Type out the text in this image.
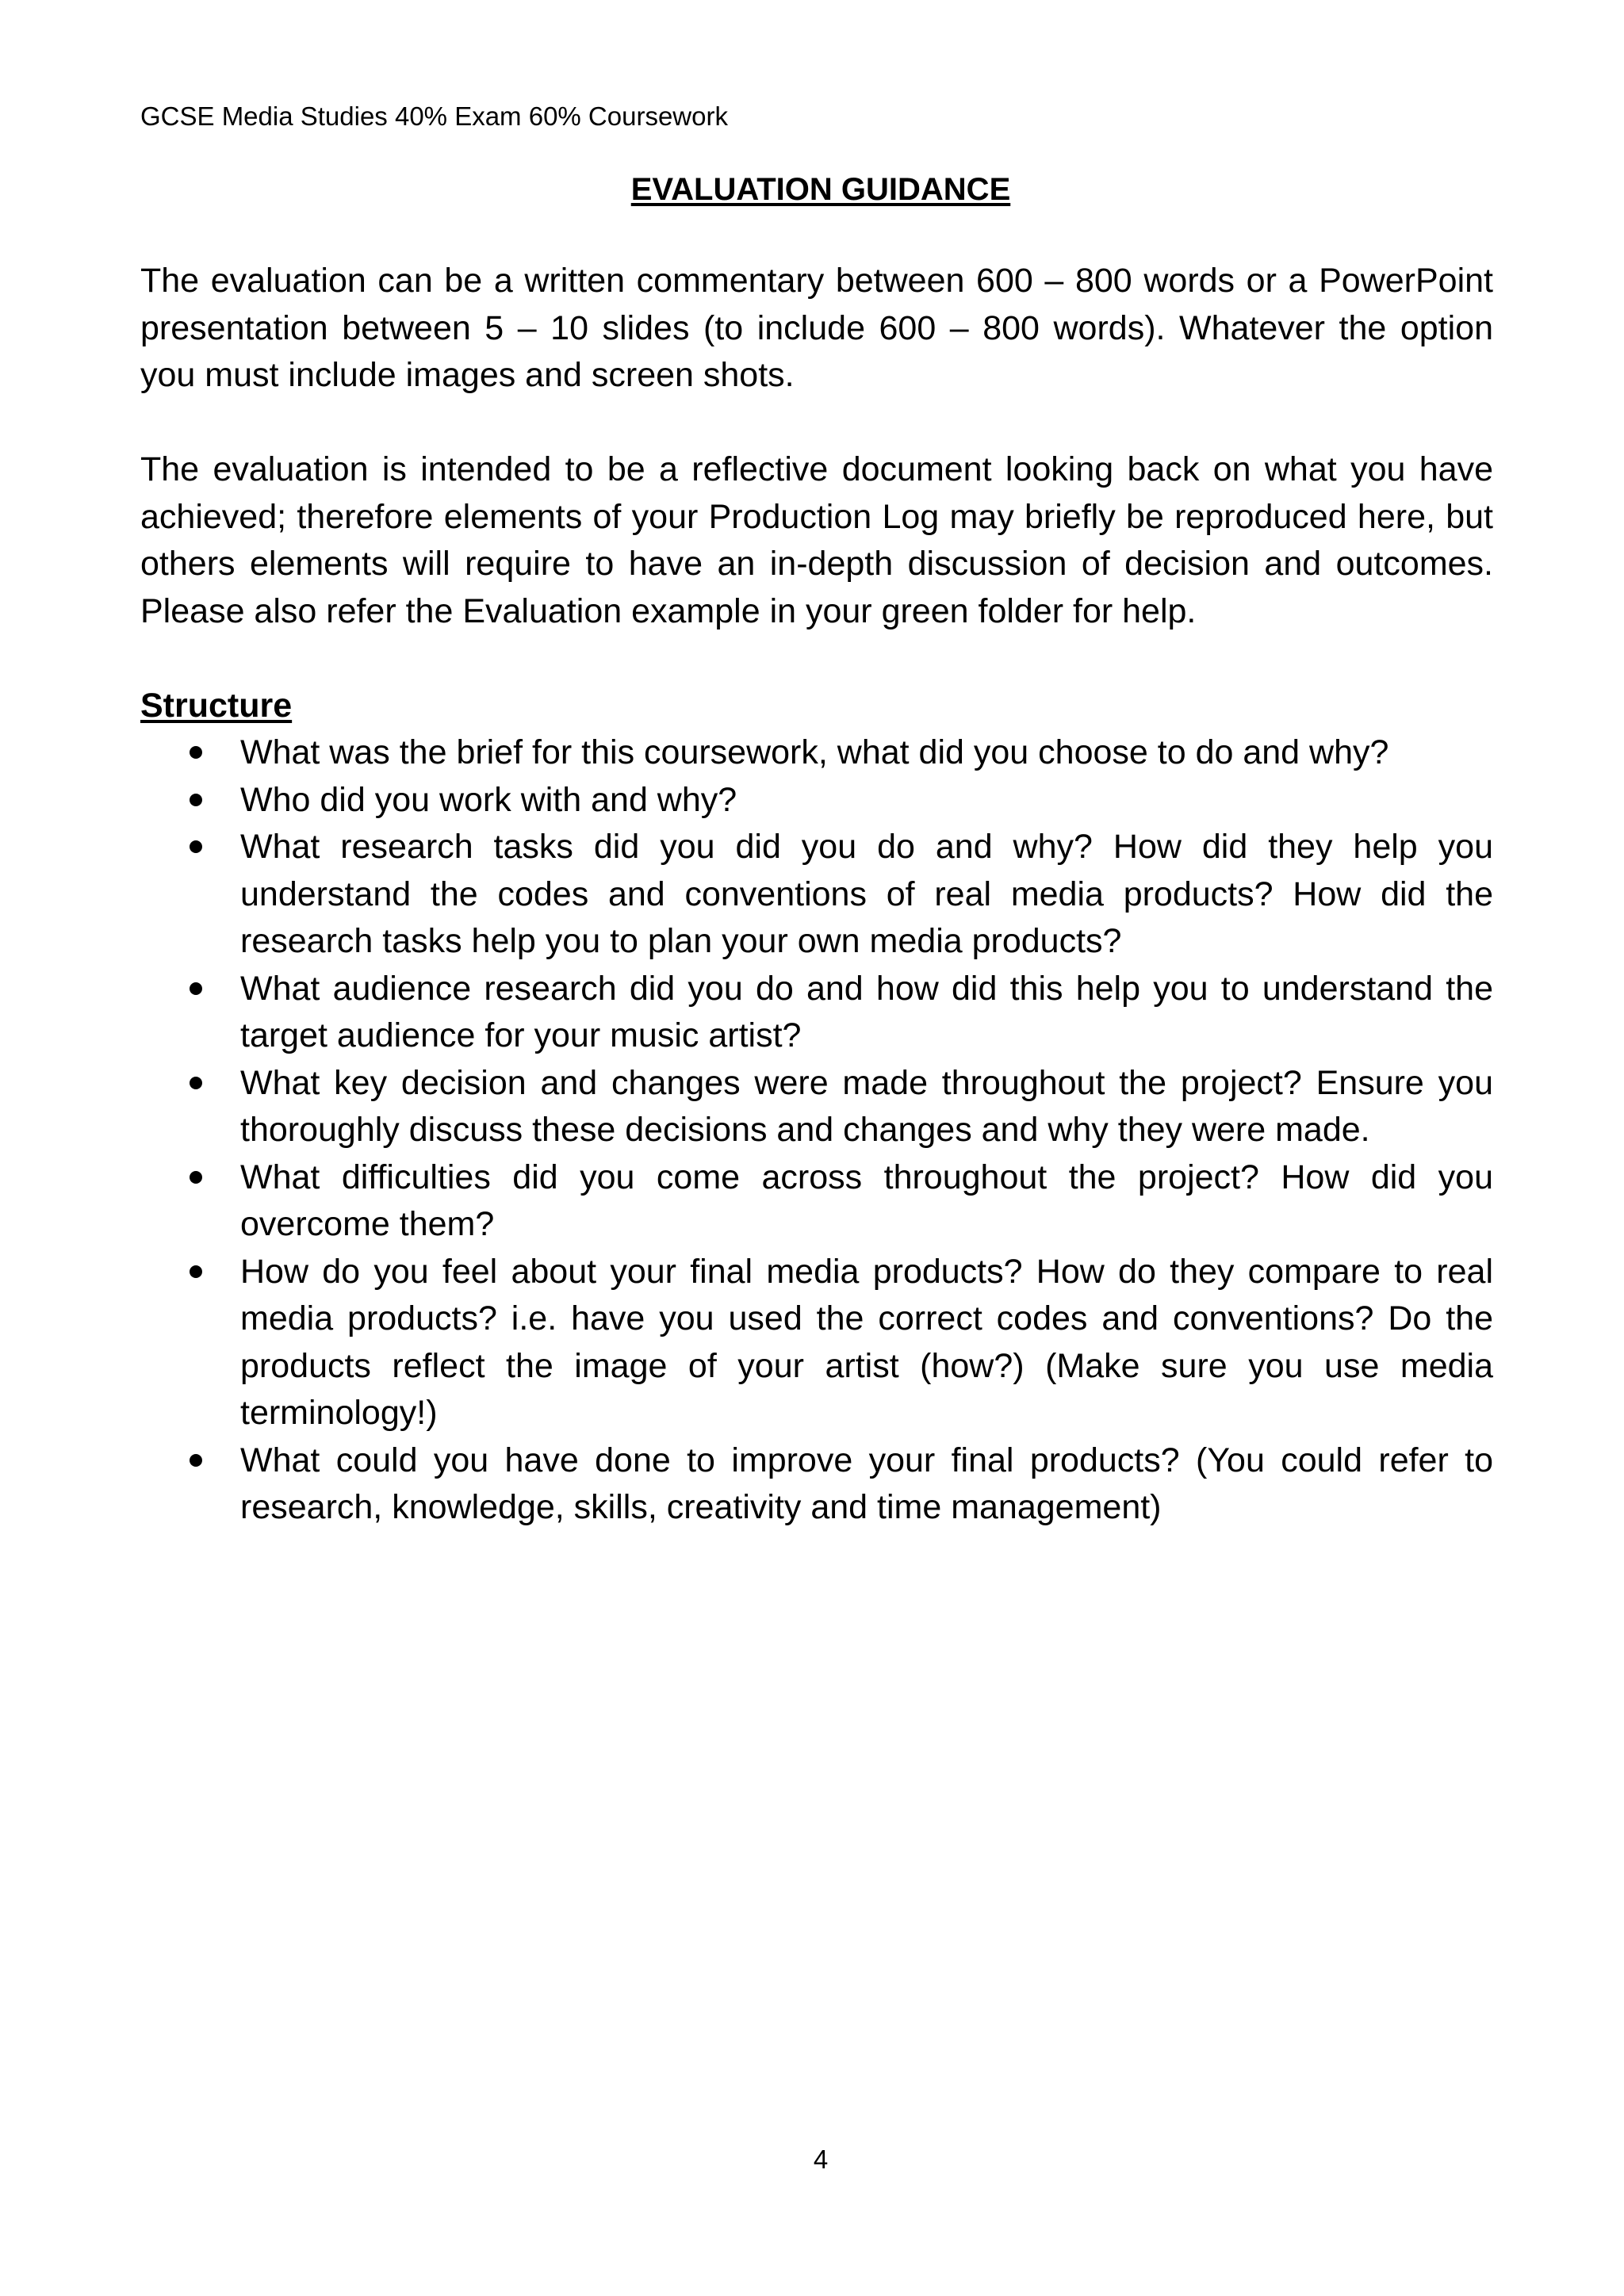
GCSE Media Studies 40% Exam 60% Coursework
EVALUATION GUIDANCE

The evaluation can be a written commentary between 600 – 800 words or a PowerPoint presentation between 5 – 10 slides (to include 600 – 800 words). Whatever the option you must include images and screen shots.

The evaluation is intended to be a reflective document looking back on what you have achieved; therefore elements of your Production Log may briefly be reproduced here, but others elements will require to have an in-depth discussion of decision and outcomes. Please also refer the Evaluation example in your green folder for help.

Structure
What was the brief for this coursework, what did you choose to do and why?
Who did you work with and why?
What research tasks did you did you do and why? How did they help you understand the codes and conventions of real media products? How did the research tasks help you to plan your own media products?
What audience research did you do and how did this help you to understand the target audience for your music artist?
What key decision and changes were made throughout the project? Ensure you thoroughly discuss these decisions and changes and why they were made.
What difficulties did you come across throughout the project? How did you overcome them?
How do you feel about your final media products? How do they compare to real media products? i.e. have you used the correct codes and conventions? Do the products reflect the image of your artist (how?) (Make sure you use media terminology!)
What could you have done to improve your final products? (You could refer to research, knowledge, skills, creativity and time management)
4
